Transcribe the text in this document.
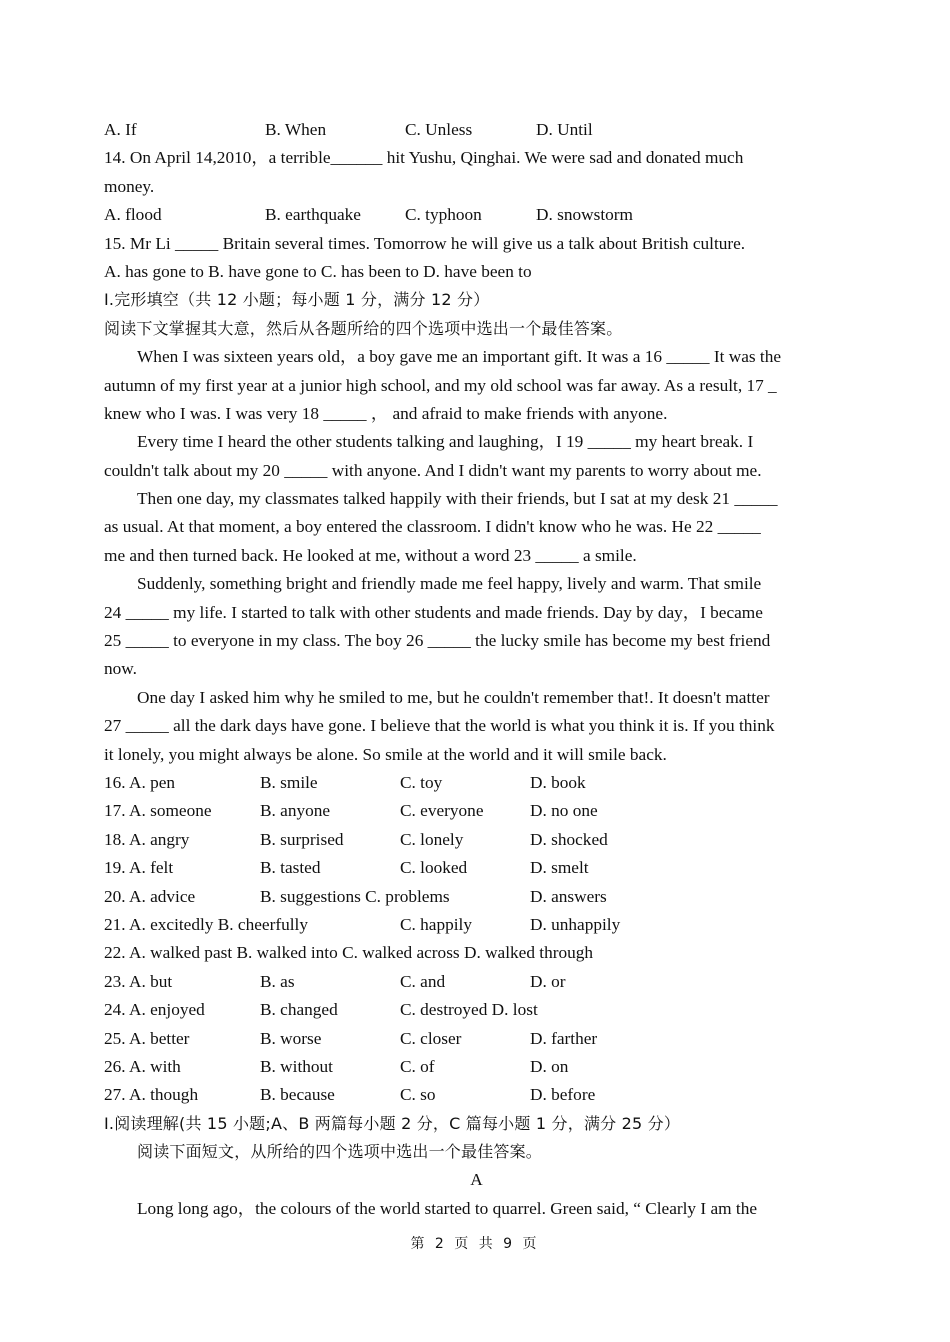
A. If	B. When	C. Unless	D. Until
14. On April 14,2010，a terrible______ hit Yushu, Qinghai. We were sad and donated much
money.
A. flood	B. earthquake	C. typhoon	D. snowstorm
15. Mr Li _____ Britain several times. Tomorrow he will give us a talk about British culture.
A. has gone to B. have gone to C. has been to D. have been to
I.完形填空（共 12 小题；每小题 1 分，满分 12 分）
阅读下文掌握其大意，然后从各题所给的四个选项中选出一个最佳答案。
When I was sixteen years old，a boy gave me an important gift. It was a 16 _____ It was the
autumn of my first year at a junior high school, and my old school was far away. As a result, 17 _
knew who I was. I was very 18 _____ ， and afraid to make friends with anyone.
Every time I heard the other students talking and laughing，I 19 _____ my heart break. I
couldn't talk about my 20 _____ with anyone. And I didn't want my parents to worry about me.
Then one day, my classmates talked happily with their friends, but I sat at my desk 21 _____
as usual. At that moment, a boy entered the classroom. I didn't know who he was. He 22 _____
me and then turned back. He looked at me, without a word 23 _____ a smile.
Suddenly, something bright and friendly made me feel happy, lively and warm. That smile
24 _____ my life. I started to talk with other students and made friends. Day by day，I became
25 _____ to everyone in my class. The boy 26 _____ the lucky smile has become my best friend
now.
One day I asked him why he smiled to me, but he couldn't remember that!. It doesn't matter
27 _____ all the dark days have gone. I believe that the world is what you think it is. If you think
it lonely, you might always be alone. So smile at the world and it will smile back.
16. A. pen	B. smile	C. toy	D. book
17. A. someone	B. anyone	C. everyone	D. no one
18. A. angry	B. surprised	C. lonely	D. shocked
19. A. felt	B. tasted	C. looked	D. smelt
20. A. advice	B. suggestions C. problems	D. answers
21. A. excitedly B. cheerfully	C. happily	D. unhappily
22. A. walked past B. walked into C. walked across D. walked through
23. A. but	B. as	C. and	D. or
24. A. enjoyed	B. changed	C. destroyed D. lost
25. A. better	B. worse	C. closer	D. farther
26. A. with	B. without	C. of	D. on
27. A. though	B. because	C. so	D. before
I.阅读理解(共 15 小题;A、B 两篇每小题 2 分，C 篇每小题 1 分，满分 25 分）
阅读下面短文，从所给的四个选项中选出一个最佳答案。
A
Long long ago，the colours of the world started to quarrel. Green said, “ Clearly I am the
第 2 页 共 9 页
